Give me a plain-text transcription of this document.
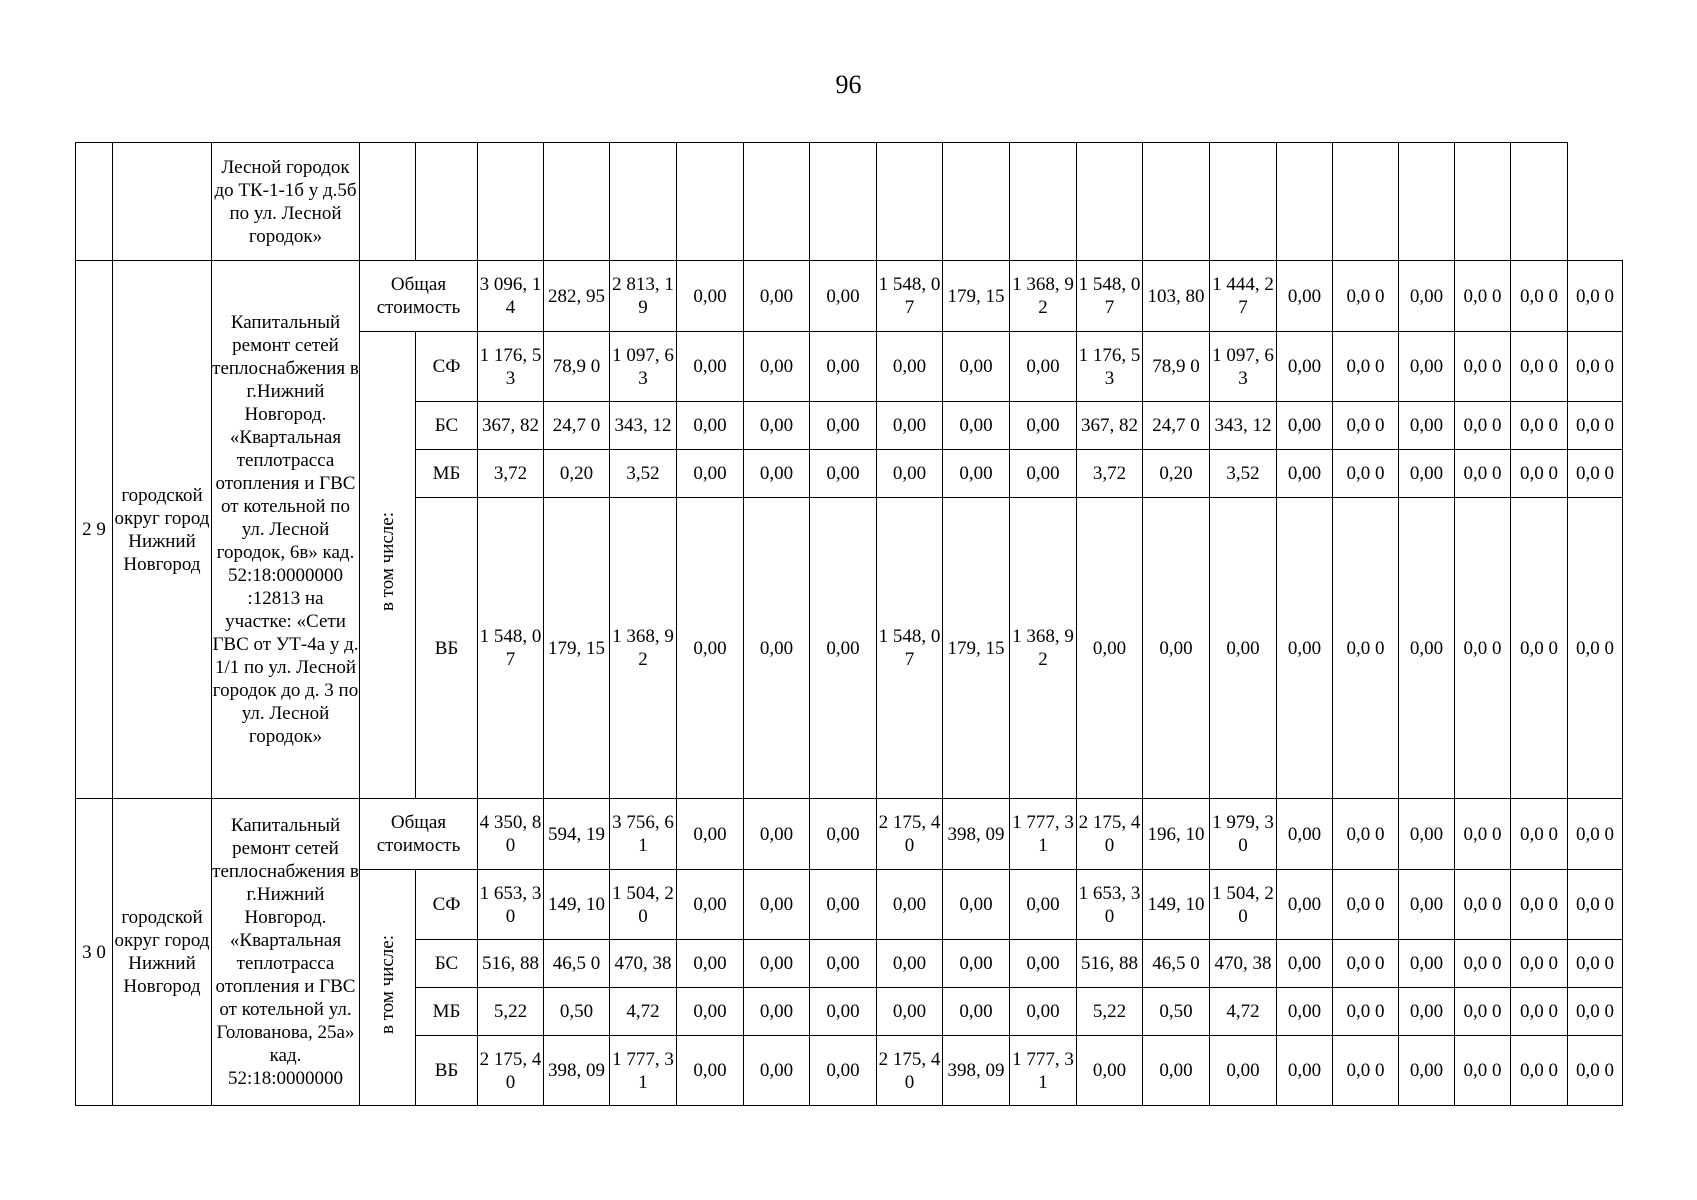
96
		Лесной городок до ТК-1-1б у д.5б по ул. Лесной городок»																				
2 9	городской округ город Нижний Новгород	Капитальный ремонт сетей теплоснабжения в г.Нижний Новгород. «Квартальная теплотрасса отопления и ГВС от котельной по ул. Лесной городок, 6в» кад. 52:18:0000000 :12813 на участке: «Сети ГВС от УТ-4а у д. 1/1 по ул. Лесной городок до д. 3 по ул. Лесной городок»	Общая стоимость		3 096, 14	282, 95	2 813, 19	0,00	0,00	0,00	1 548, 07	179, 15	1 368, 92	1 548, 07	103, 80	1 444, 27	0,00	0,0 0	0,00	0,0 0	0,0 0	0,0 0
			в том числе:	СФ	1 176, 53	78,9 0	1 097, 63	0,00	0,00	0,00	0,00	0,00	0,00	1 176, 53	78,9 0	1 097, 63	0,00	0,0 0	0,00	0,0 0	0,0 0	0,0 0
				БС	367, 82	24,7 0	343, 12	0,00	0,00	0,00	0,00	0,00	0,00	367, 82	24,7 0	343, 12	0,00	0,0 0	0,00	0,0 0	0,0 0	0,0 0
				МБ	3,72	0,20	3,52	0,00	0,00	0,00	0,00	0,00	0,00	3,72	0,20	3,52	0,00	0,0 0	0,00	0,0 0	0,0 0	0,0 0
				ВБ	1 548, 07	179, 15	1 368, 92	0,00	0,00	0,00	1 548, 07	179, 15	1 368, 92	0,00	0,00	0,00	0,00	0,0 0	0,00	0,0 0	0,0 0	0,0 0
3 0	городской округ город Нижний Новгород	Капитальный ремонт сетей теплоснабжения в г.Нижний Новгород. «Квартальная теплотрасса отопления и ГВС от котельной ул. Голованова, 25а» кад. 52:18:0000000	Общая стоимость		4 350, 80	594, 19	3 756, 61	0,00	0,00	0,00	2 175, 40	398, 09	1 777, 31	2 175, 40	196, 10	1 979, 30	0,00	0,0 0	0,00	0,0 0	0,0 0	0,0 0
			в том числе:	СФ	1 653, 30	149, 10	1 504, 20	0,00	0,00	0,00	0,00	0,00	0,00	1 653, 30	149, 10	1 504, 20	0,00	0,0 0	0,00	0,0 0	0,0 0	0,0 0
				БС	516, 88	46,5 0	470, 38	0,00	0,00	0,00	0,00	0,00	0,00	516, 88	46,5 0	470, 38	0,00	0,0 0	0,00	0,0 0	0,0 0	0,0 0
				МБ	5,22	0,50	4,72	0,00	0,00	0,00	0,00	0,00	0,00	5,22	0,50	4,72	0,00	0,0 0	0,00	0,0 0	0,0 0	0,0 0
				ВБ	2 175, 40	398, 09	1 777, 31	0,00	0,00	0,00	2 175, 40	398, 09	1 777, 31	0,00	0,00	0,00	0,00	0,0 0	0,00	0,0 0	0,0 0	0,0 0
